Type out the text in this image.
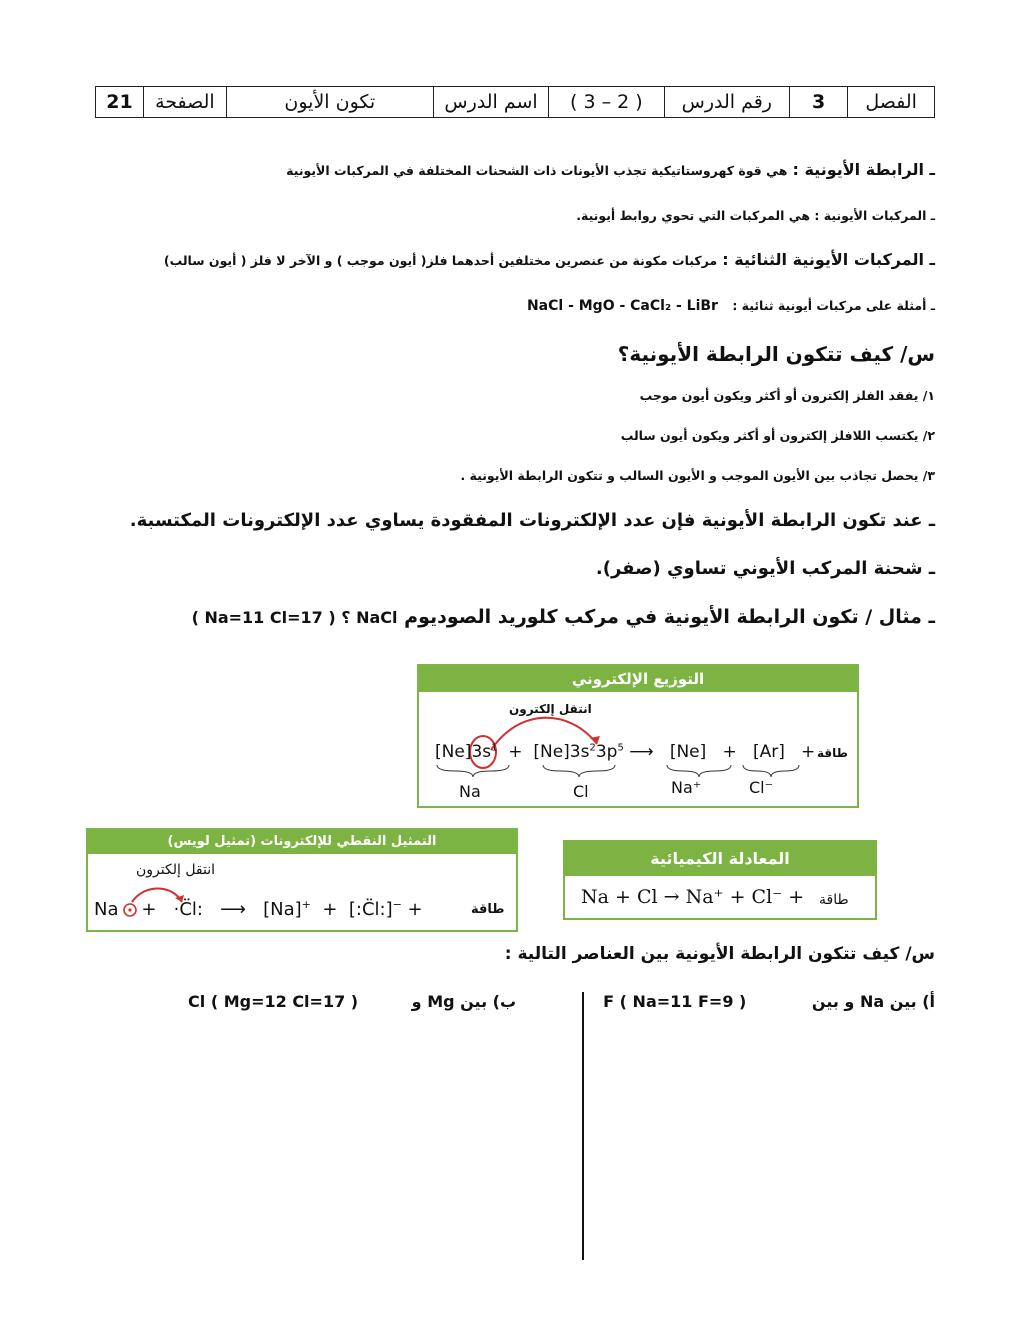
الفصل	3	رقم الدرس	( 2 – 3 )	اسم الدرس	تكون الأيون	الصفحة	21
ـ الرابطة الأيونية : هي قوة كهروستاتيكية تجذب الأيونات ذات الشحنات المختلفة في المركبات الأيونية
ـ المركبات الأيونية : هي المركبات التي تحوي روابط أيونية.
ـ المركبات الأيونية الثنائية : مركبات مكونة من عنصرين مختلفين أحدهما فلز( أيون موجب ) و الآخر لا فلز ( أيون سالب)
ـ أمثلة على مركبات أيونية ثنائية : NaCl - MgO - CaCl₂ - LiBr
س/ كيف تتكون الرابطة الأيونية؟
١/ يفقد الفلز إلكترون أو أكثر ويكون أيون موجب
٢/ يكتسب اللافلز إلكترون أو أكثر ويكون أيون سالب
٣/ يحصل تجاذب بين الأيون الموجب و الأيون السالب و تتكون الرابطة الأيونية .
ـ عند تكون الرابطة الأيونية فإن عدد الإلكترونات المفقودة يساوي عدد الإلكترونات المكتسبة.
ـ شحنة المركب الأيوني تساوي (صفر).
ـ مثال / تكون الرابطة الأيونية في مركب كلوريد الصوديوم NaCl ؟ ( Na=11 Cl=17 )
التوزيع الإلكتروني
انتقل إلكترون
$[Ne]3s^1 + [Ne]3s^23p^5$ ⟶   [Ne]   +   [Ar]   + طاقة
Na	Cl	Na⁺	Cl⁻
التمثيل النقطي للإلكترونات (تمثيل لويس)
انتقل إلكترون
Na    +   ·C̈l:   ⟶   [Na]+  +  [:C̈l:]− +	طاقة
المعادلة الكيميائية
Na + Cl → Na⁺ + Cl⁻ + طاقة
س/ كيف تتكون الرابطة الأيونية بين العناصر التالية :
أ) بين Na و بين F ( Na=11 F=9 )
ب) بين Mg و Cl ( Mg=12 Cl=17 )
